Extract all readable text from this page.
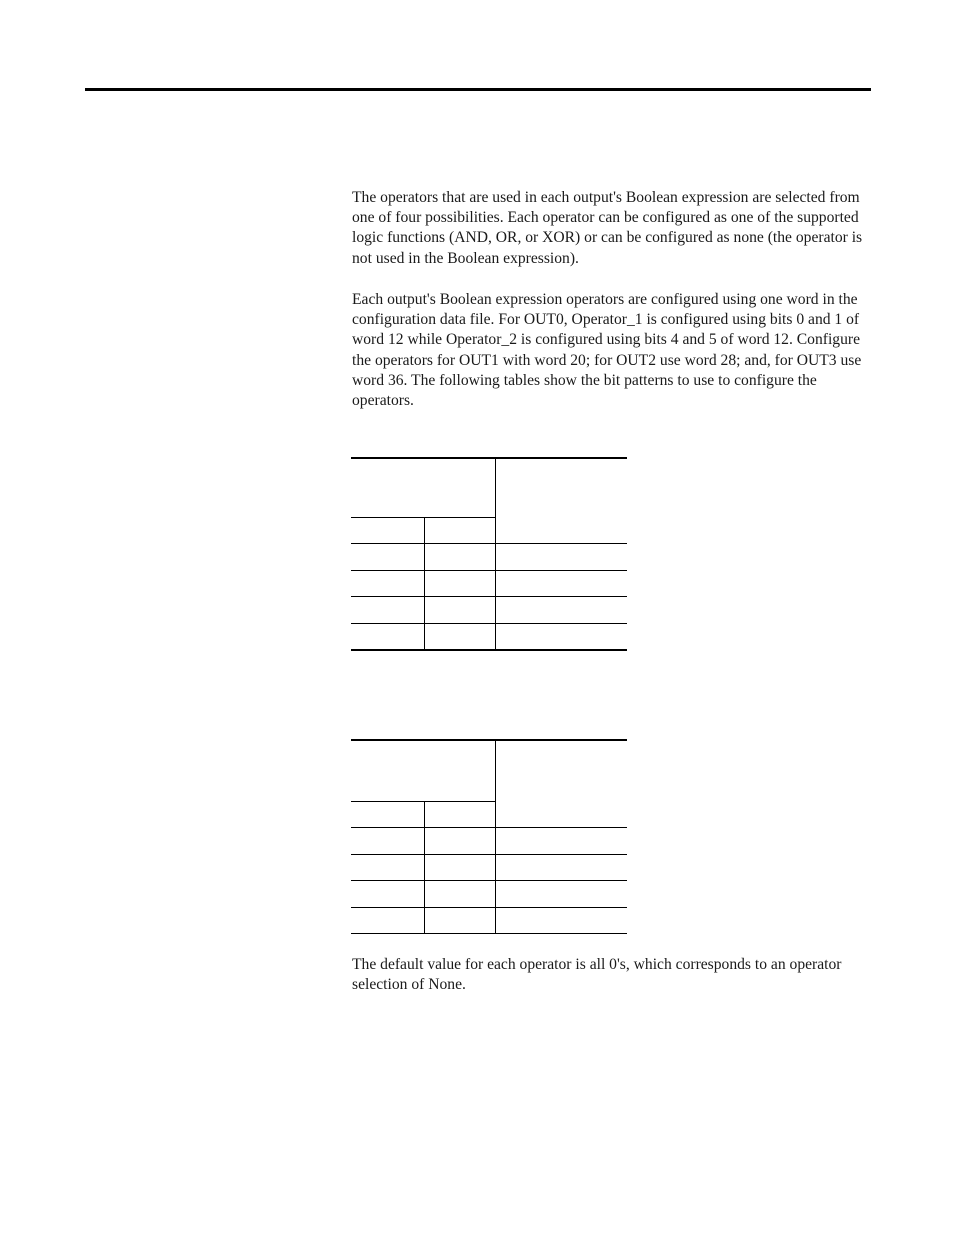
The operators that are used in each output's Boolean expression are selected from one of four possibilities. Each operator can be configured as one of the supported logic functions (AND, OR, or XOR) or can be configured as none (the operator is not used in the Boolean expression).

Each output's Boolean expression operators are configured using one word in the configuration data file. For OUT0, Operator_1 is configured using bits 0 and 1 of word 12 while Operator_2 is configured using bits 4 and 5 of word 12. Configure the operators for OUT1 with word 20; for OUT2 use word 28; and, for OUT3 use word 36. The following tables show the bit patterns to use to configure the operators.

The default value for each operator is all 0's, which corresponds to an operator selection of None.
